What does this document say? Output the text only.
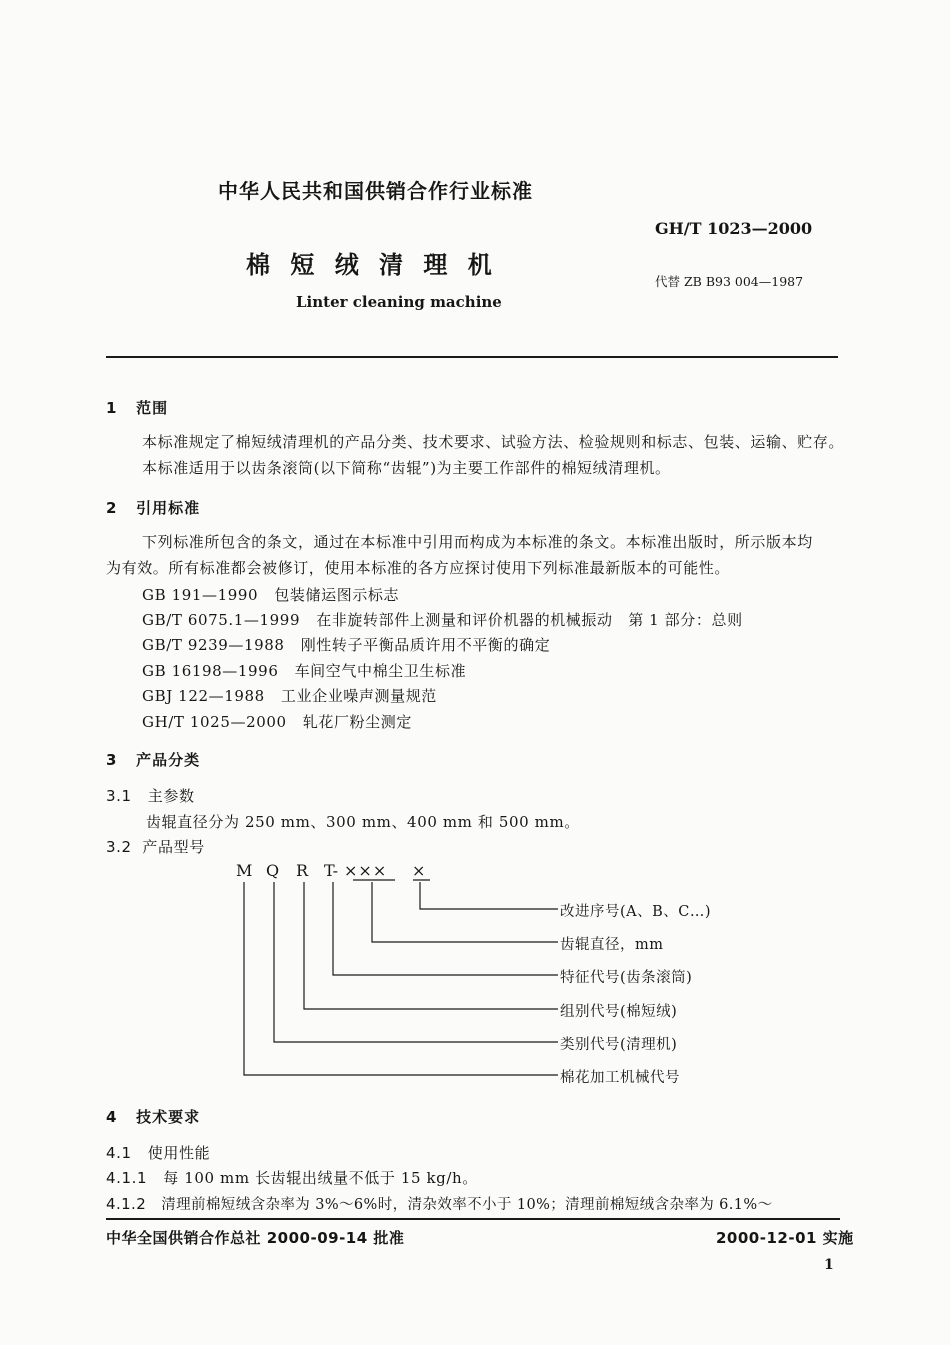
中华人民共和国供销合作行业标准
GH/T 1023—2000
棉 短 绒 清 理 机
代替 ZB B93 004—1987
Linter cleaning machine
1 范围
本标准规定了棉短绒清理机的产品分类、技术要求、试验方法、检验规则和标志、包装、运输、贮存。
本标准适用于以齿条滚筒(以下简称“齿辊”)为主要工作部件的棉短绒清理机。
2 引用标准
下列标准所包含的条文，通过在本标准中引用而构成为本标准的条文。本标准出版时，所示版本均
为有效。所有标准都会被修订，使用本标准的各方应探讨使用下列标准最新版本的可能性。
GB 191—1990 包装储运图示标志
GB/T 6075.1—1999 在非旋转部件上测量和评价机器的机械振动　第 1 部分：总则
GB/T 9239—1988 刚性转子平衡品质许用不平衡的确定
GB 16198—1996 车间空气中棉尘卫生标准
GBJ 122—1988 工业企业噪声测量规范
GH/T 1025—2000 轧花厂粉尘测定
3 产品分类
3.1 主参数
齿辊直径分为 250 mm、300 mm、400 mm 和 500 mm。
3.2 产品型号
M Q R T- ××× ×
改进序号(A、B、C…)
齿辊直径，mm
特征代号(齿条滚筒)
组别代号(棉短绒)
类别代号(清理机)
棉花加工机械代号
4 技术要求
4.1 使用性能
4.1.1 每 100 mm 长齿辊出绒量不低于 15 kg/h。
4.1.2 清理前棉短绒含杂率为 3%～6%时，清杂效率不小于 10%；清理前棉短绒含杂率为 6.1%～
中华全国供销合作总社 2000-09-14 批准	2000-12-01 实施
1
